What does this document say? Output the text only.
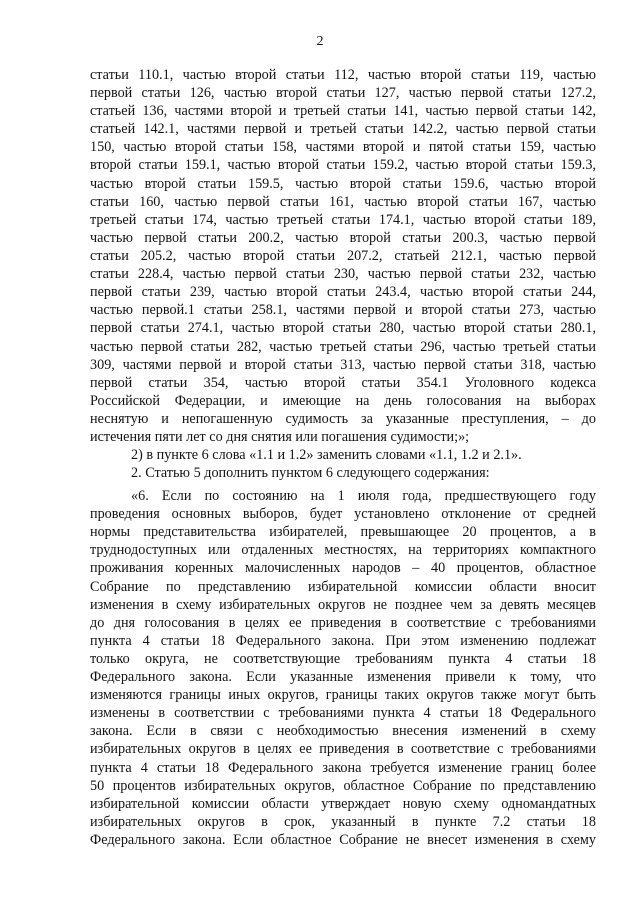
2
статьи 110.1, частью второй статьи 112, частью второй статьи 119, частью
первой статьи 126, частью второй статьи 127, частью первой статьи 127.2,
статьей 136, частями второй и третьей статьи 141, частью первой статьи 142,
статьей 142.1, частями первой и третьей статьи 142.2, частью первой статьи
150, частью второй статьи 158, частями второй и пятой статьи 159, частью
второй статьи 159.1, частью второй статьи 159.2, частью второй статьи 159.3,
частью второй статьи 159.5, частью второй статьи 159.6, частью второй
статьи 160, частью первой статьи 161, частью второй статьи 167, частью
третьей статьи 174, частью третьей статьи 174.1, частью второй статьи 189,
частью первой статьи 200.2, частью второй статьи 200.3, частью первой
статьи 205.2, частью второй статьи 207.2, статьей 212.1, частью первой
статьи 228.4, частью первой статьи 230, частью первой статьи 232, частью
первой статьи 239, частью второй статьи 243.4, частью второй статьи 244,
частью первой.1 статьи 258.1, частями первой и второй статьи 273, частью
первой статьи 274.1, частью второй статьи 280, частью второй статьи 280.1,
частью первой статьи 282, частью третьей статьи 296, частью третьей статьи
309, частями первой и второй статьи 313, частью первой статьи 318, частью
первой статьи 354, частью второй статьи 354.1 Уголовного кодекса
Российской Федерации, и имеющие на день голосования на выборах
неснятую и непогашенную судимость за указанные преступления, – до
истечения пяти лет со дня снятия или погашения судимости;»;
2) в пункте 6 слова «1.1 и 1.2» заменить словами «1.1, 1.2 и 2.1».
2. Статью 5 дополнить пунктом 6 следующего содержания:
«6. Если по состоянию на 1 июля года, предшествующего году
проведения основных выборов, будет установлено отклонение от средней
нормы представительства избирателей, превышающее 20 процентов, а в
труднодоступных или отдаленных местностях, на территориях компактного
проживания коренных малочисленных народов – 40 процентов, областное
Собрание по представлению избирательной комиссии области вносит
изменения в схему избирательных округов не позднее чем за девять месяцев
до дня голосования в целях ее приведения в соответствие с требованиями
пункта 4 статьи 18 Федерального закона. При этом изменению подлежат
только округа, не соответствующие требованиям пункта 4 статьи 18
Федерального закона. Если указанные изменения привели к тому, что
изменяются границы иных округов, границы таких округов также могут быть
изменены в соответствии с требованиями пункта 4 статьи 18 Федерального
закона. Если в связи с необходимостью внесения изменений в схему
избирательных округов в целях ее приведения в соответствие с требованиями
пункта 4 статьи 18 Федерального закона требуется изменение границ более
50 процентов избирательных округов, областное Собрание по представлению
избирательной комиссии области утверждает новую схему одномандатных
избирательных округов в срок, указанный в пункте 7.2 статьи 18
Федерального закона. Если областное Собрание не внесет изменения в схему
